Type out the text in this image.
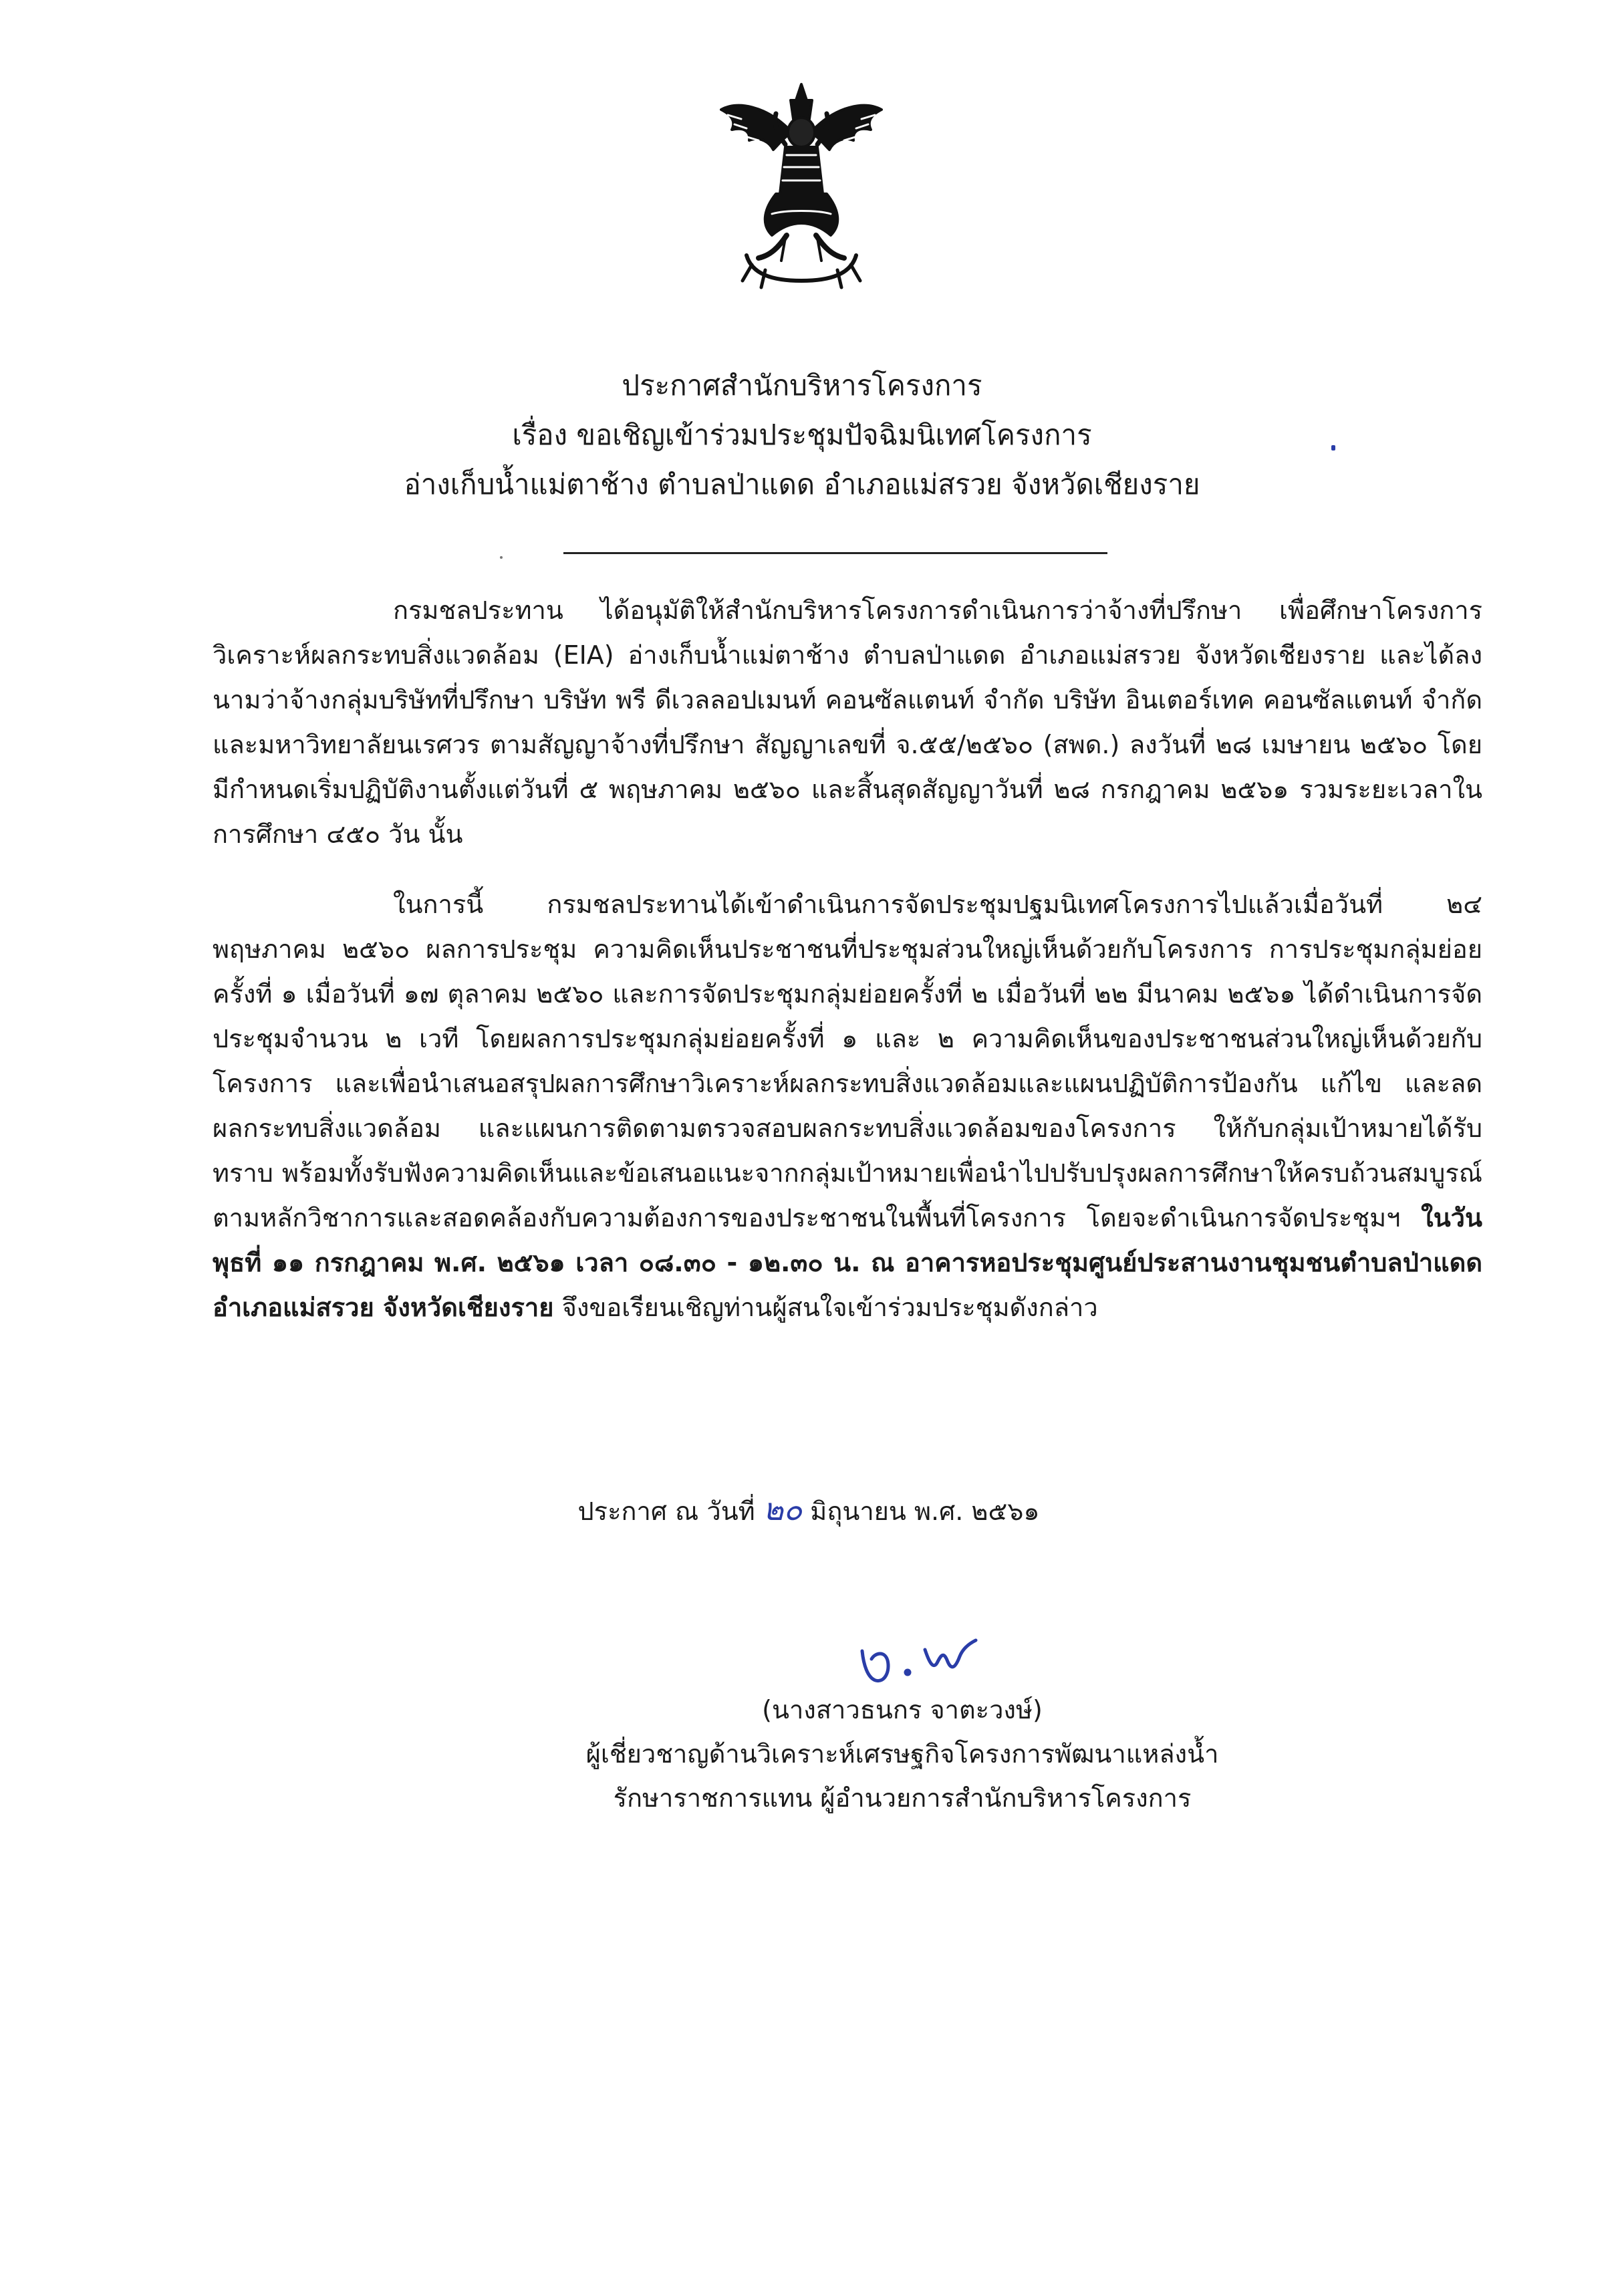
ประกาศสำนักบริหารโครงการ
เรื่อง ขอเชิญเข้าร่วมประชุมปัจฉิมนิเทศโครงการ
อ่างเก็บน้ำแม่ตาช้าง ตำบลป่าแดด อำเภอแม่สรวย จังหวัดเชียงราย

กรมชลประทาน ได้อนุมัติให้สำนักบริหารโครงการดำเนินการว่าจ้างที่ปรึกษา เพื่อศึกษาโครงการวิเคราะห์ผลกระทบสิ่งแวดล้อม (EIA) อ่างเก็บน้ำแม่ตาช้าง ตำบลป่าแดด อำเภอแม่สรวย จังหวัดเชียงราย และได้ลงนามว่าจ้างกลุ่มบริษัทที่ปรึกษา บริษัท พรี ดีเวลลอปเมนท์ คอนซัลแตนท์ จำกัด บริษัท อินเตอร์เทค คอนซัลแตนท์ จำกัด และมหาวิทยาลัยนเรศวร ตามสัญญาจ้างที่ปรึกษา สัญญาเลขที่ จ.๕๕/๒๕๖๐ (สพด.) ลงวันที่ ๒๘ เมษายน ๒๕๖๐ โดยมีกำหนดเริ่มปฏิบัติงานตั้งแต่วันที่ ๕ พฤษภาคม ๒๕๖๐ และสิ้นสุดสัญญาวันที่ ๒๘ กรกฎาคม ๒๕๖๑ รวมระยะเวลาในการศึกษา ๔๕๐ วัน นั้น

ในการนี้ กรมชลประทานได้เข้าดำเนินการจัดประชุมปฐมนิเทศโครงการไปแล้วเมื่อวันที่ ๒๔ พฤษภาคม ๒๕๖๐ ผลการประชุม ความคิดเห็นประชาชนที่ประชุมส่วนใหญ่เห็นด้วยกับโครงการ การประชุมกลุ่มย่อยครั้งที่ ๑ เมื่อวันที่ ๑๗ ตุลาคม ๒๕๖๐ และการจัดประชุมกลุ่มย่อยครั้งที่ ๒ เมื่อวันที่ ๒๒ มีนาคม ๒๕๖๑ ได้ดำเนินการจัดประชุมจำนวน ๒ เวที โดยผลการประชุมกลุ่มย่อยครั้งที่ ๑ และ ๒ ความคิดเห็นของประชาชนส่วนใหญ่เห็นด้วยกับโครงการ และเพื่อนำเสนอสรุปผลการศึกษาวิเคราะห์ผลกระทบสิ่งแวดล้อมและแผนปฏิบัติการป้องกัน แก้ไข และลดผลกระทบสิ่งแวดล้อม และแผนการติดตามตรวจสอบผลกระทบสิ่งแวดล้อมของโครงการ ให้กับกลุ่มเป้าหมายได้รับทราบ พร้อมทั้งรับฟังความคิดเห็นและข้อเสนอแนะจากกลุ่มเป้าหมายเพื่อนำไปปรับปรุงผลการศึกษาให้ครบถ้วนสมบูรณ์ตามหลักวิชาการและสอดคล้องกับความต้องการของประชาชนในพื้นที่โครงการ โดยจะดำเนินการจัดประชุมฯ ในวันพุธที่ ๑๑ กรกฎาคม พ.ศ. ๒๕๖๑ เวลา ๐๘.๓๐ - ๑๒.๓๐ น. ณ อาคารหอประชุมศูนย์ประสานงานชุมชนตำบลป่าแดด อำเภอแม่สรวย จังหวัดเชียงราย จึงขอเรียนเชิญท่านผู้สนใจเข้าร่วมประชุมดังกล่าว

ประกาศ ณ วันที่ ๒๐ มิถุนายน พ.ศ. ๒๕๖๑
(นางสาวธนกร จาตะวงษ์)
ผู้เชี่ยวชาญด้านวิเคราะห์เศรษฐกิจโครงการพัฒนาแหล่งน้ำ
รักษาราชการแทน ผู้อำนวยการสำนักบริหารโครงการ
